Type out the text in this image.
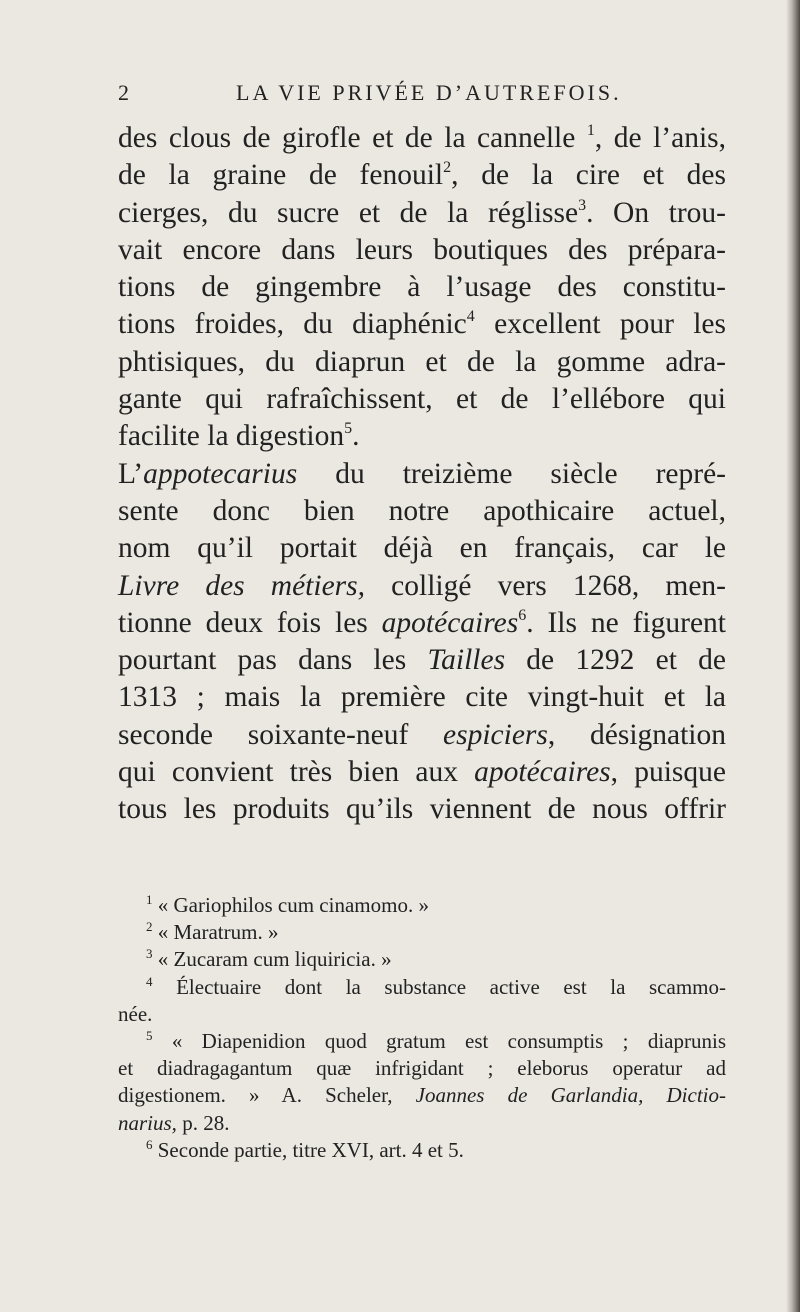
2	LA VIE PRIVÉE D’AUTREFOIS.
des clous de girofle et de la cannelle $^1$, de l’anis,
de la graine de fenouil$^2$, de la cire et des
cierges, du sucre et de la réglisse$^3$. On trou-
vait encore dans leurs boutiques des prépara-
tions de gingembre à l’usage des constitu-
tions froides, du diaphénic$^4$ excellent pour les
phtisiques, du diaprun et de la gomme adra-
gante qui rafraîchissent, et de l’ellébore qui
facilite la digestion$^5$.
L’appotecarius du treizième siècle repré-
sente donc bien notre apothicaire actuel,
nom qu’il portait déjà en français, car le
Livre des métiers, colligé vers 1268, men-
tionne deux fois les apotécaires$^6$. Ils ne figurent
pourtant pas dans les Tailles de 1292 et de
1313 ; mais la première cite vingt-huit et la
seconde soixante-neuf espiciers, désignation
qui convient très bien aux apotécaires, puisque
tous les produits qu’ils viennent de nous offrir
$^1$ « Gariophilos cum cinamomo. »
$^2$ « Maratrum. »
$^3$ « Zucaram cum liquiricia. »
$^4$ Électuaire dont la substance active est la scammo-
née.
$^5$ « Diapenidion quod gratum est consumptis ; diaprunis
et diadragagantum quæ infrigidant ; eleborus operatur ad
digestionem. » A. Scheler, Joannes de Garlandia, Dictio-
narius, p. 28.
$^6$ Seconde partie, titre XVI, art. 4 et 5.
